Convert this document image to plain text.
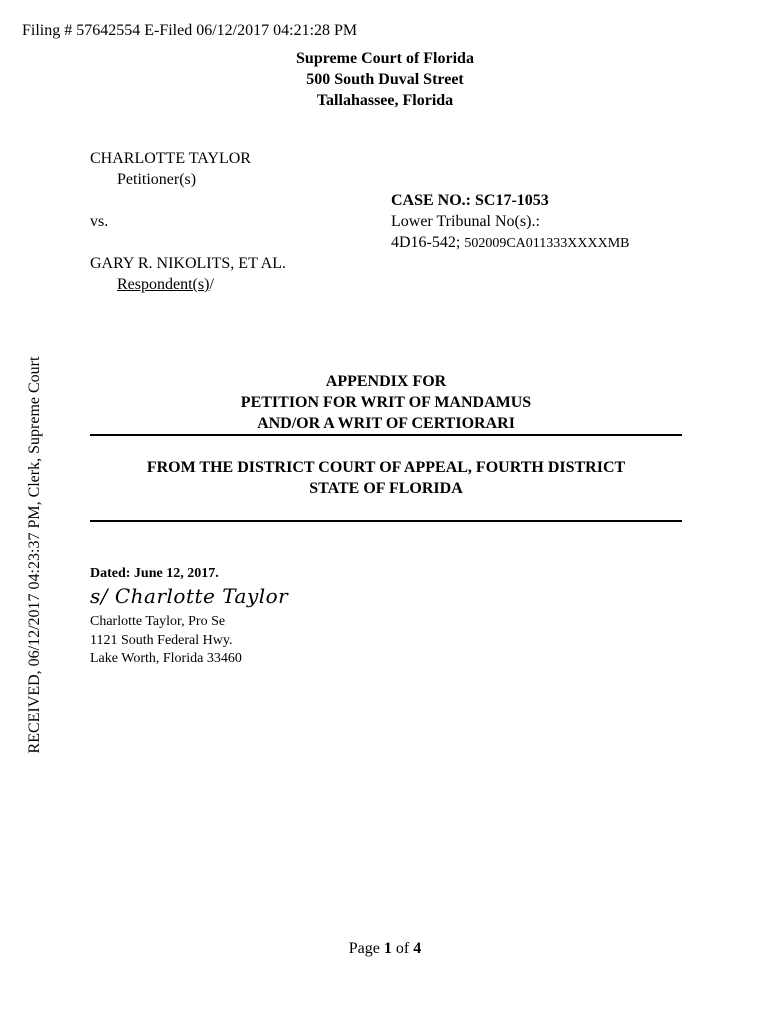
Filing # 57642554 E-Filed 06/12/2017 04:21:28 PM
Supreme Court of Florida
500 South Duval Street
Tallahassee, Florida
RECEIVED, 06/12/2017 04:23:37 PM, Clerk, Supreme Court
CHARLOTTE TAYLOR
Petitioner(s)
vs.
GARY R. NIKOLITS, ET AL.
Respondent(s)/
CASE NO.: SC17-1053
Lower Tribunal No(s).:
4D16-542; 502009CA011333XXXXMB
APPENDIX FOR
PETITION FOR WRIT OF MANDAMUS
AND/OR A WRIT OF CERTIORARI
FROM THE DISTRICT COURT OF APPEAL, FOURTH DISTRICT
STATE OF FLORIDA
Dated: June 12, 2017.
s/ Charlotte Taylor
Charlotte Taylor, Pro Se
1121 South Federal Hwy.
Lake Worth, Florida 33460
Page 1 of 4
